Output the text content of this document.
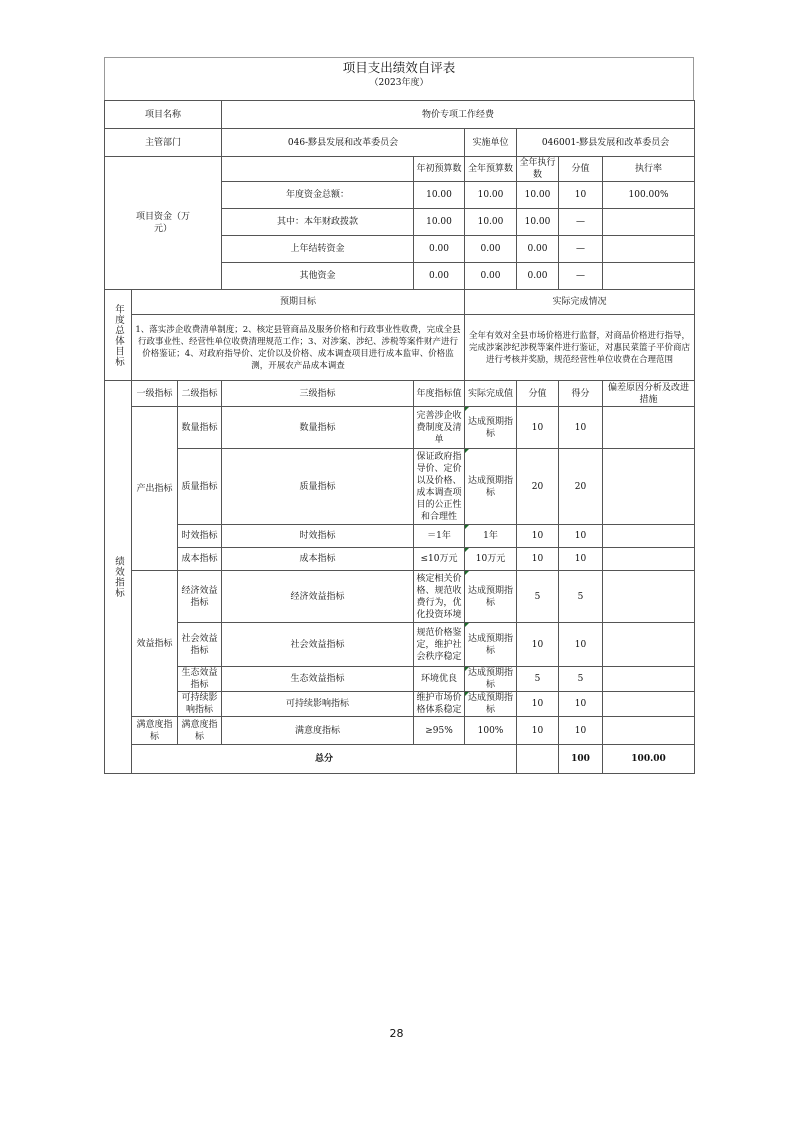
项目支出绩效自评表
（2023年度）
项目名称			物价专项工作经费						
主管部门			046-黟县发展和改革委员会		实施单位	046001-黟县发展和改革委员会			
项目资金（万元）				年初预算数	全年预算数	全年执行数	分值	执行率	
			年度资金总额：	10.00	10.00	10.00	10	100.00%	
			其中：本年财政拨款	10.00	10.00	10.00	—		
			上年结转资金	0.00	0.00	0.00	—		
			其他资金	0.00	0.00	0.00	—		

年度总体目标	预期目标				实际完成情况				
	1、落实涉企收费清单制度；2、核定县管商品及服务价格和行政事业性收费，完成全县行政事业性、经营性单位收费清理规范工作；3、对涉案、涉纪、涉税等案件财产进行价格鉴证；4、对政府指导价、定价以及价格、成本调查项目进行成本监审、价格监测，开展农产品成本调查				全年有效对全县市场价格进行监督，对商品价格进行指导，完成涉案涉纪涉税等案件进行鉴证，对惠民菜篮子平价商店进行考核并奖励，规范经营性单位收费在合理范围				

绩效指标	一级指标	二级指标	三级指标	年度指标值	实际完成值	分值	得分	偏差原因分析及改进措施	
	产出指标	数量指标	数量指标	完善涉企收费制度及清单	达成预期指标	10	10		
		质量指标	质量指标	保证政府指导价、定价以及价格、成本调查项目的公正性和合理性	达成预期指标	20	20		
		时效指标	时效指标	＝1年	1年	10	10		
		成本指标	成本指标	≤10万元	10万元	10	10		
	效益指标	经济效益指标	经济效益指标	核定相关价格、规范收费行为，优化投资环境	达成预期指标	5	5		
		社会效益指标	社会效益指标	规范价格鉴定，维护社会秩序稳定	达成预期指标	10	10		
		生态效益指标	生态效益指标	环境优良	达成预期指标	5	5		
		可持续影响指标	可持续影响指标	维护市场价格体系稳定	达成预期指标	10	10		
	满意度指标	满意度指标	满意度指标	≥95%	100%	10	10		
	总分						100	100.00	
28
